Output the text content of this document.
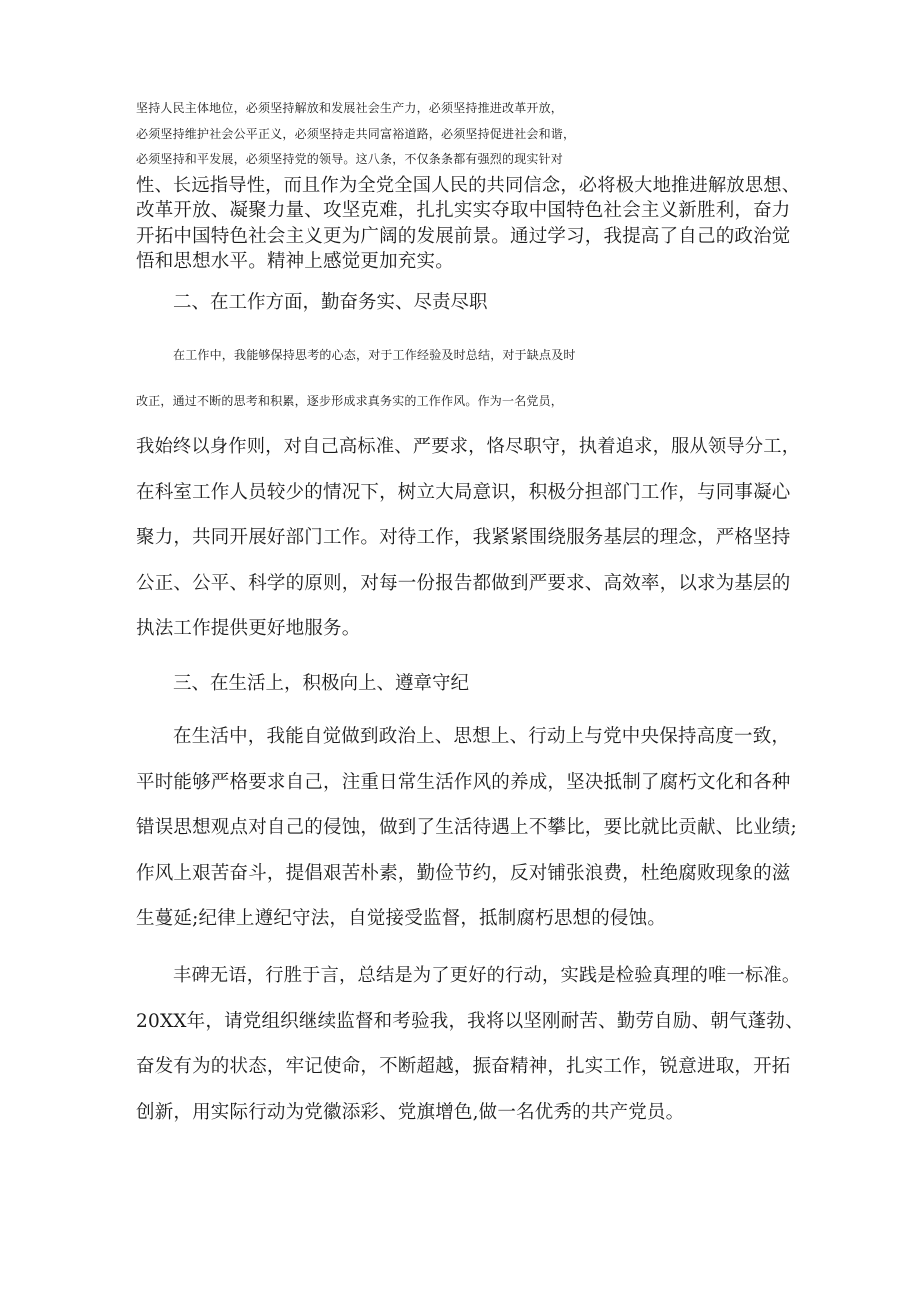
坚持人民主体地位，必须坚持解放和发展社会生产力，必须坚持推进改革开放，
必须坚持维护社会公平正义，必须坚持走共同富裕道路，必须坚持促进社会和谐，
必须坚持和平发展，必须坚持党的领导。这八条，不仅条条都有强烈的现实针对
性、长远指导性，而且作为全党全国人民的共同信念，必将极大地推进解放思想、
改革开放、凝聚力量、攻坚克难，扎扎实实夺取中国特色社会主义新胜利，奋力
开拓中国特色社会主义更为广阔的发展前景。通过学习，我提高了自己的政治觉
悟和思想水平。精神上感觉更加充实。
二、在工作方面，勤奋务实、尽责尽职
在工作中，我能够保持思考的心态，对于工作经验及时总结，对于缺点及时
改正，通过不断的思考和积累，逐步形成求真务实的工作作风。作为一名党员，
我始终以身作则，对自己高标准、严要求，恪尽职守，执着追求，服从领导分工，
在科室工作人员较少的情况下，树立大局意识，积极分担部门工作，与同事凝心
聚力，共同开展好部门工作。对待工作，我紧紧围绕服务基层的理念，严格坚持
公正、公平、科学的原则，对每一份报告都做到严要求、高效率，以求为基层的
执法工作提供更好地服务。
三、在生活上，积极向上、遵章守纪
在生活中，我能自觉做到政治上、思想上、行动上与党中央保持高度一致，
平时能够严格要求自己，注重日常生活作风的养成，坚决抵制了腐朽文化和各种
错误思想观点对自己的侵蚀，做到了生活待遇上不攀比，要比就比贡献、比业绩;
作风上艰苦奋斗，提倡艰苦朴素，勤俭节约，反对铺张浪费，杜绝腐败现象的滋
生蔓延;纪律上遵纪守法，自觉接受监督，抵制腐朽思想的侵蚀。
丰碑无语，行胜于言，总结是为了更好的行动，实践是检验真理的唯一标准。
20XX年，请党组织继续监督和考验我，我将以坚刚耐苦、勤劳自励、朝气蓬勃、
奋发有为的状态，牢记使命，不断超越，振奋精神，扎实工作，锐意进取，开拓
创新，用实际行动为党徽添彩、党旗增色,做一名优秀的共产党员。
